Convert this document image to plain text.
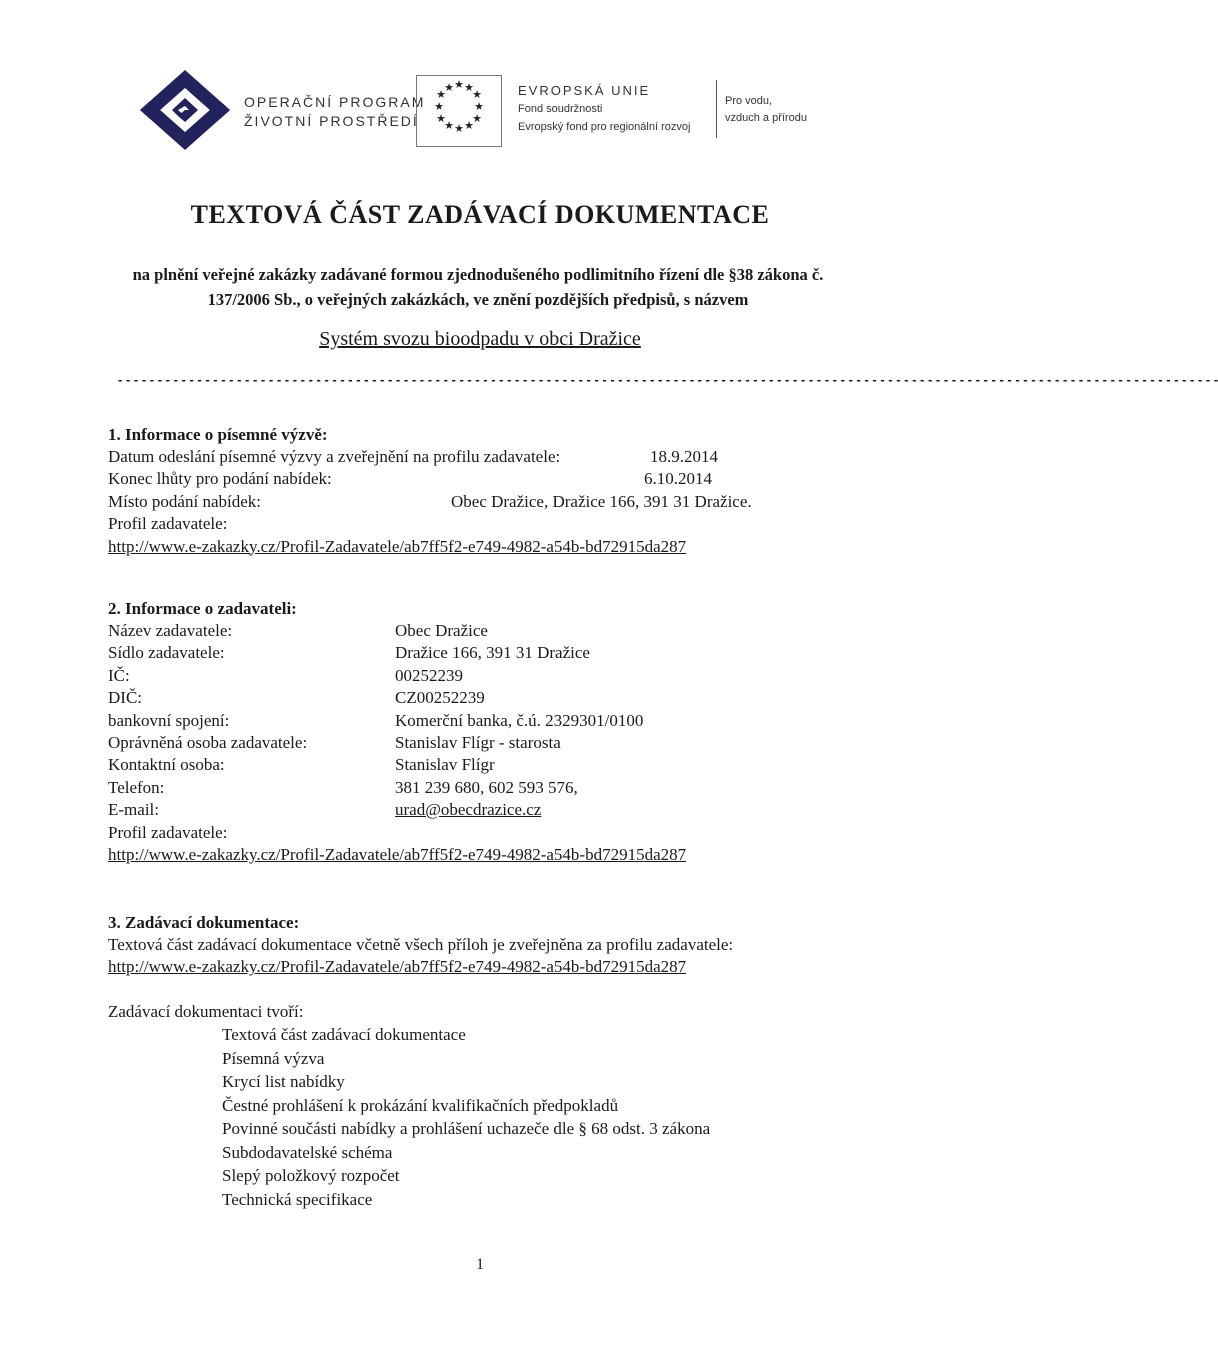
OPERAČNÍ PROGRAM
ŽIVOTNÍ PROSTŘEDÍ
★ ★
★
★
★
★
★
★
★
★
★
★	EVROPSKÁ UNIE
Fond soudržnosti
Evropský fond pro regionální rozvoj
Pro vodu,
vzduch a přírodu
TEXTOVÁ ČÁST ZADÁVACÍ DOKUMENTACE

na plnění veřejné zakázky zadávané formou zjednodušeného podlimitního řízení dle §38 zákona č. 137/2006 Sb., o veřejných zakázkách, ve znění pozdějších předpisů, s názvem

Systém svozu bioodpadu v obci Dražice

- - - - - - - - - - - - - - - - - - - - - - - - - - - - - - - - - - - - - - - - - - - - - - - - - - - - - - - - - - - - - - - - - - - - - - - - - - - - - - - - - - - - - - - - - - - - - - - - - - - - - - - - - - - - - - - - - - - - - - - - - - - - - - - - - - - - - - - - - - -

1. Informace o písemné výzvě:

Datum odeslání písemné výzvy a zveřejnění na profilu zadavatele:	18.9.2014
Konec lhůty pro podání nabídek:	6.10.2014
Místo podání nabídek:	Obec Dražice, Dražice 166, 391 31 Dražice.
Profil zadavatele:
http://www.e-zakazky.cz/Profil-Zadavatele/ab7ff5f2-e749-4982-a54b-bd72915da287

2. Informace o zadavateli:

Název zadavatele:	Obec Dražice
Sídlo zadavatele:	Dražice 166, 391 31 Dražice
IČ:	00252239
DIČ:	CZ00252239
bankovní spojení:	Komerční banka, č.ú. 2329301/0100
Oprávněná osoba zadavatele:	Stanislav Flígr - starosta
Kontaktní osoba:	Stanislav Flígr
Telefon:	381 239 680, 602 593 576,
E-mail:	urad@obecdrazice.cz
Profil zadavatele:
http://www.e-zakazky.cz/Profil-Zadavatele/ab7ff5f2-e749-4982-a54b-bd72915da287

3. Zadávací dokumentace:

Textová část zadávací dokumentace včetně všech příloh je zveřejněna za profilu zadavatele:
http://www.e-zakazky.cz/Profil-Zadavatele/ab7ff5f2-e749-4982-a54b-bd72915da287
Zadávací dokumentaci tvoří:
Textová část zadávací dokumentace
Písemná výzva
Krycí list nabídky
Čestné prohlášení k prokázání kvalifikačních předpokladů
Povinné součásti nabídky a prohlášení uchazeče dle § 68 odst. 3 zákona
Subdodavatelské schéma
Slepý položkový rozpočet
Technická specifikace
1
